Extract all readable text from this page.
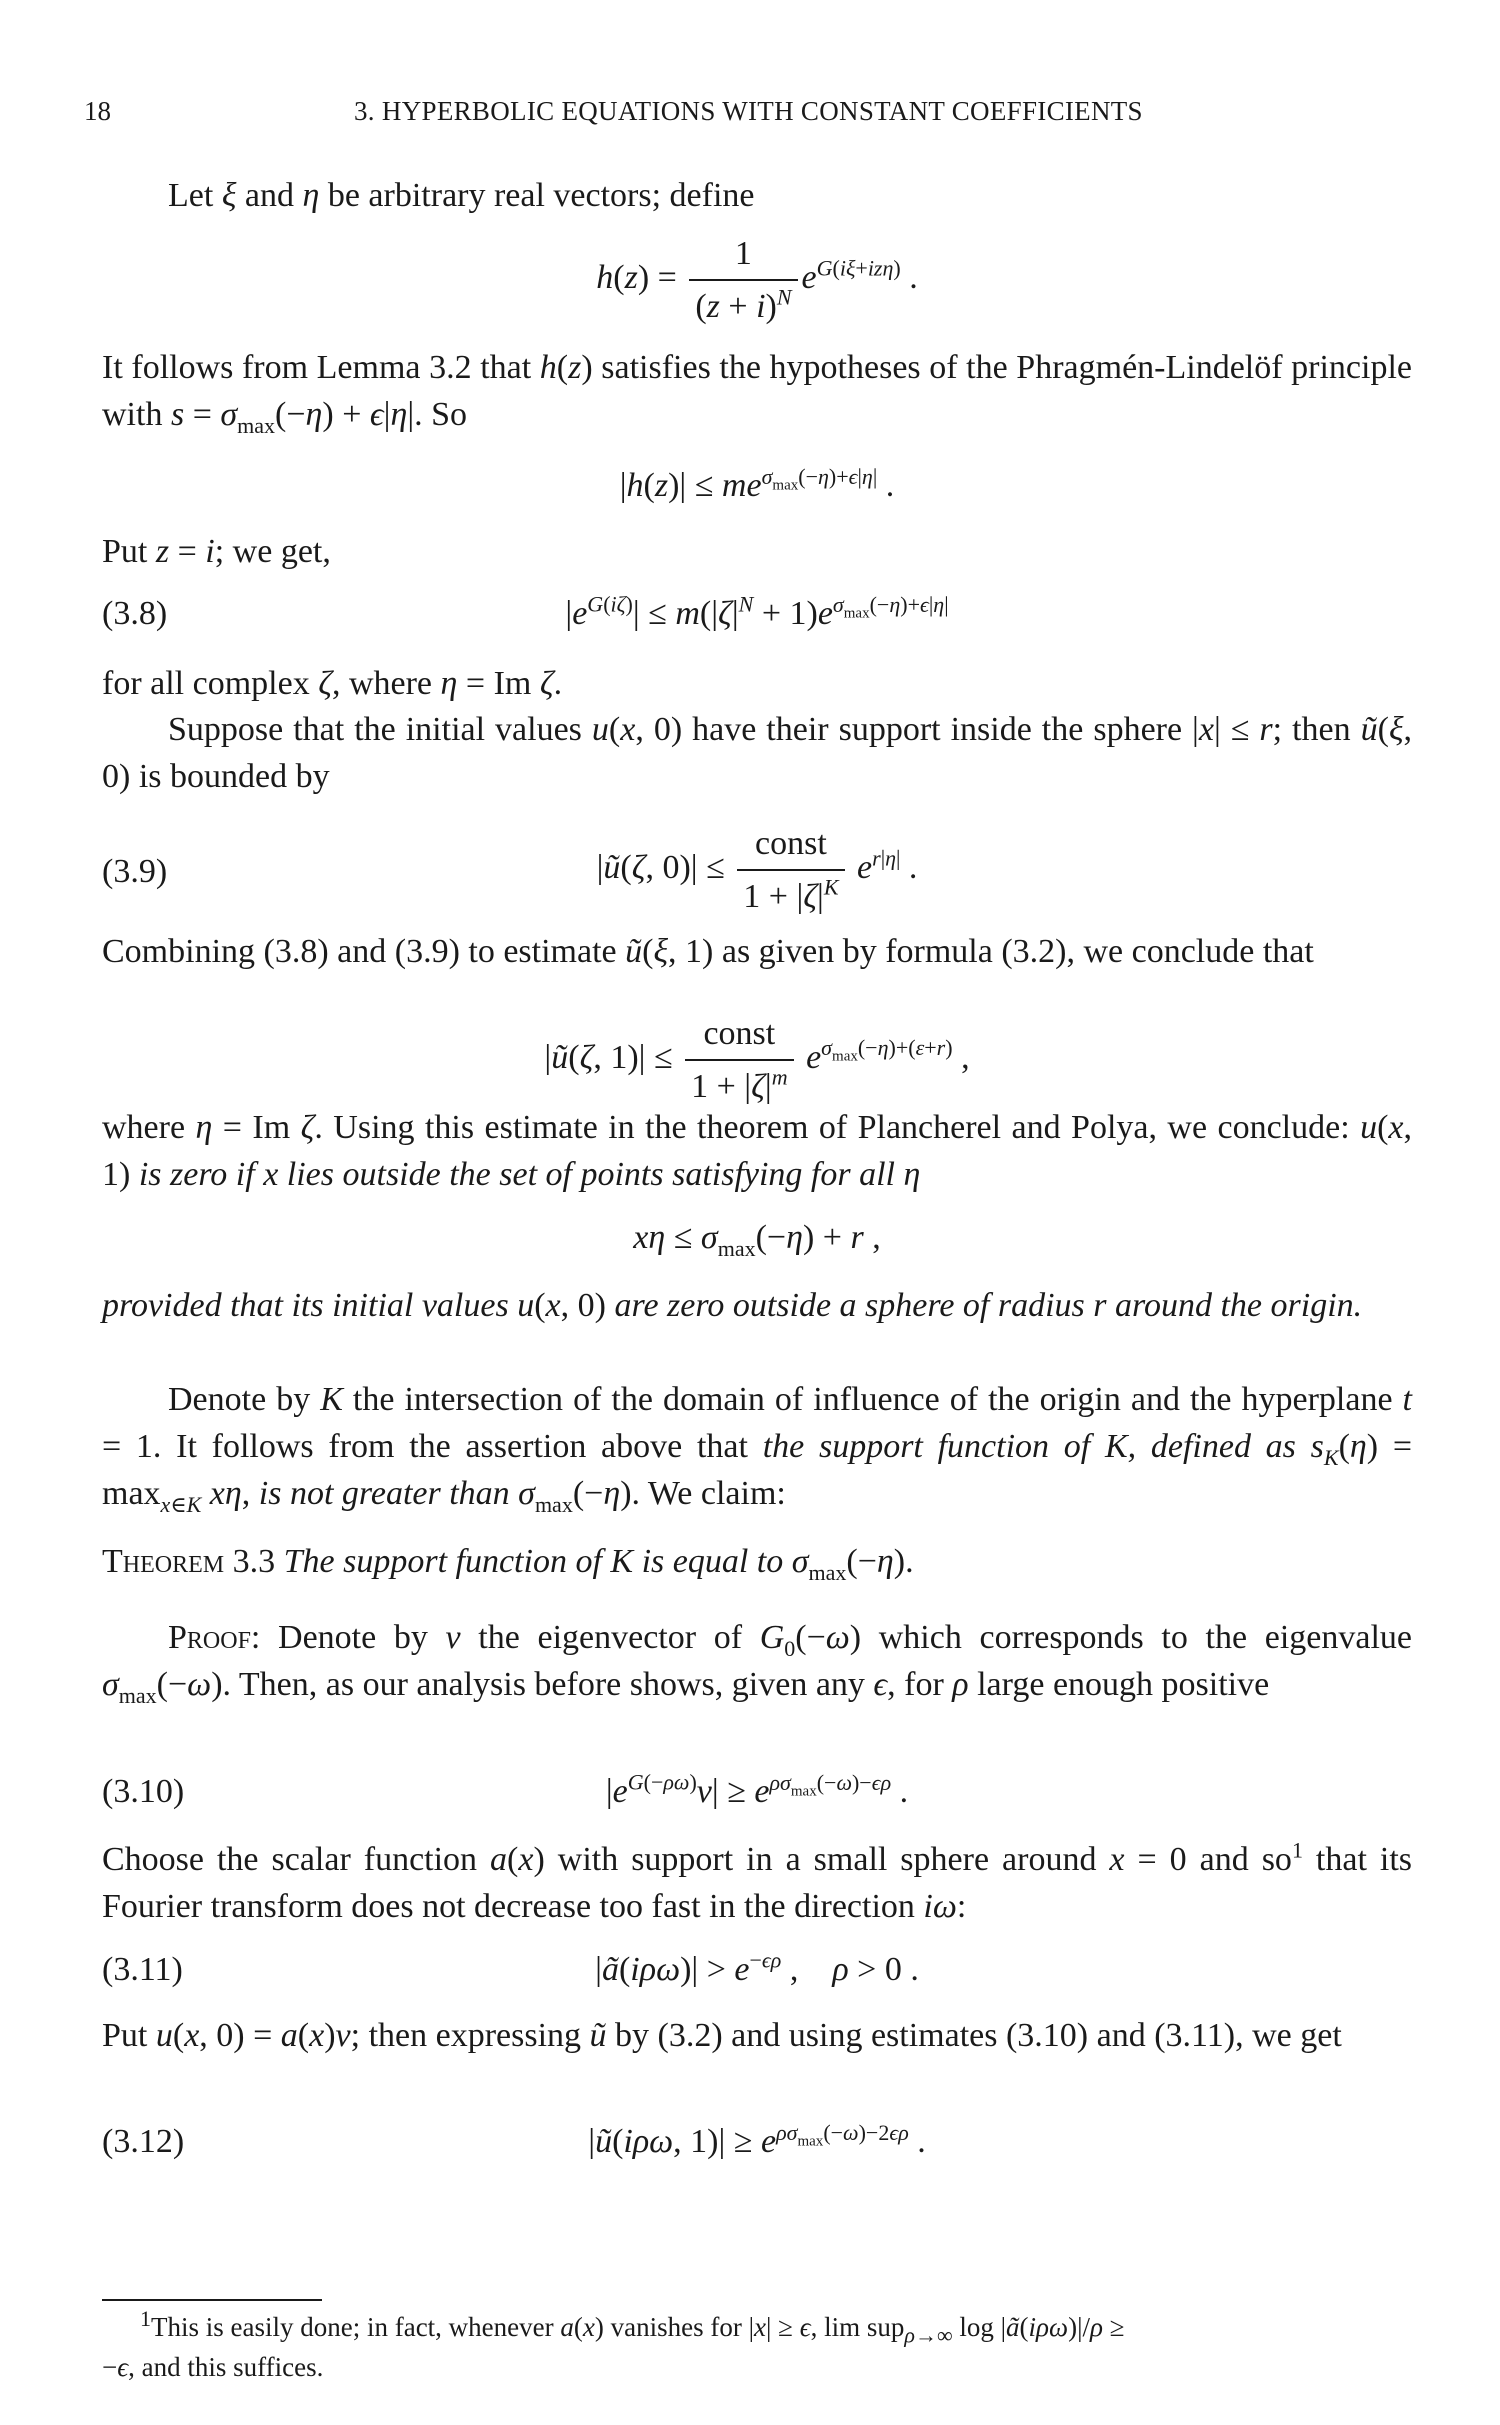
18	3. HYPERBOLIC EQUATIONS WITH CONSTANT COEFFICIENTS

Let ξ and η be arbitrary real vectors; define

$h(z) = \frac{1}{(z + i)^N} e^{G(i\xi+iz\eta)}$ .

It follows from Lemma 3.2 that h(z) satisfies the hypotheses of the Phragmén-Lindelöf principle with $s = \sigma_{max}(-\eta) + \epsilon|\eta|$. So

$|h(z)| \le me^{\sigma_{max}(-\eta)+\epsilon|\eta|}$ .

Put z = i; we get,

(3.8)	$|e^{G(i\zeta)}| \le m(|\zeta|^N + 1)e^{\sigma_{max}(-\eta)+\epsilon|\eta|}$

for all complex ζ, where η = Im ζ.

Suppose that the initial values u(x, 0) have their support inside the sphere |x| ≤ r; then ũ(ξ, 0) is bounded by

(3.9)	|ũ(ζ, $0)| \le \frac{\text{const}}{1 + |\zeta|^K} e^{r|\eta|}$ .

Combining (3.8) and (3.9) to estimate ũ(ξ, 1) as given by formula (3.2), we conclude that

|ũ(ζ, $1)| \le \frac{\text{const}}{1 + |\zeta|^m} e^{\sigma_{max}(-\eta)+(\varepsilon+r)}$ ,

where η = Im ζ. Using this estimate in the theorem of Plancherel and Polya, we conclude: u(x, 1) is zero if x lies outside the set of points satisfying for all η

$x\eta \le \sigma_{max}(-\eta) + r$ ,

provided that its initial values u(x, 0) are zero outside a sphere of radius r around the origin.

Denote by K the intersection of the domain of influence of the origin and the hyperplane t = 1. It follows from the assertion above that the support function of K, defined as $s_K(\eta) = \max_{x\in K} x\eta$, is not greater than $\sigma_{max}(-\eta)$. We claim:

Theorem 3.3 The support function of K is equal to $\sigma_{max}(-\eta)$.

Proof: Denote by v the eigenvector of $G_0(-\omega)$ which corresponds to the eigenvalue $\sigma_{max}(-\omega)$. Then, as our analysis before shows, given any ϵ, for ρ large enough positive

(3.10)	$|e^{G(-\rho\omega)}v| \ge e^{\rho\sigma_{max}(-\omega)-\epsilon\rho}$ .

Choose the scalar function a(x) with support in a small sphere around x = 0 and $so^1$ that its Fourier transform does not decrease too fast in the direction iω:

(3.11)	|ã(iρω)| > $e^{-\epsilon\rho}$ ,    ρ > 0 .

Put u(x, 0) = a(x)v; then expressing ũ by (3.2) and using estimates (3.10) and (3.11), we get

(3.12)	|ũ(iρω, $1)| \ge e^{\rho\sigma_{max}(-\omega)-2\epsilon\rho}$ .

$^1$This is easily done; in fact, whenever a(x) vanishes for |x| ≥ ϵ, lim sup$_{\rho\to\infty}$ log |ã(iρω)|/ρ ≥
−ϵ, and this suffices.
